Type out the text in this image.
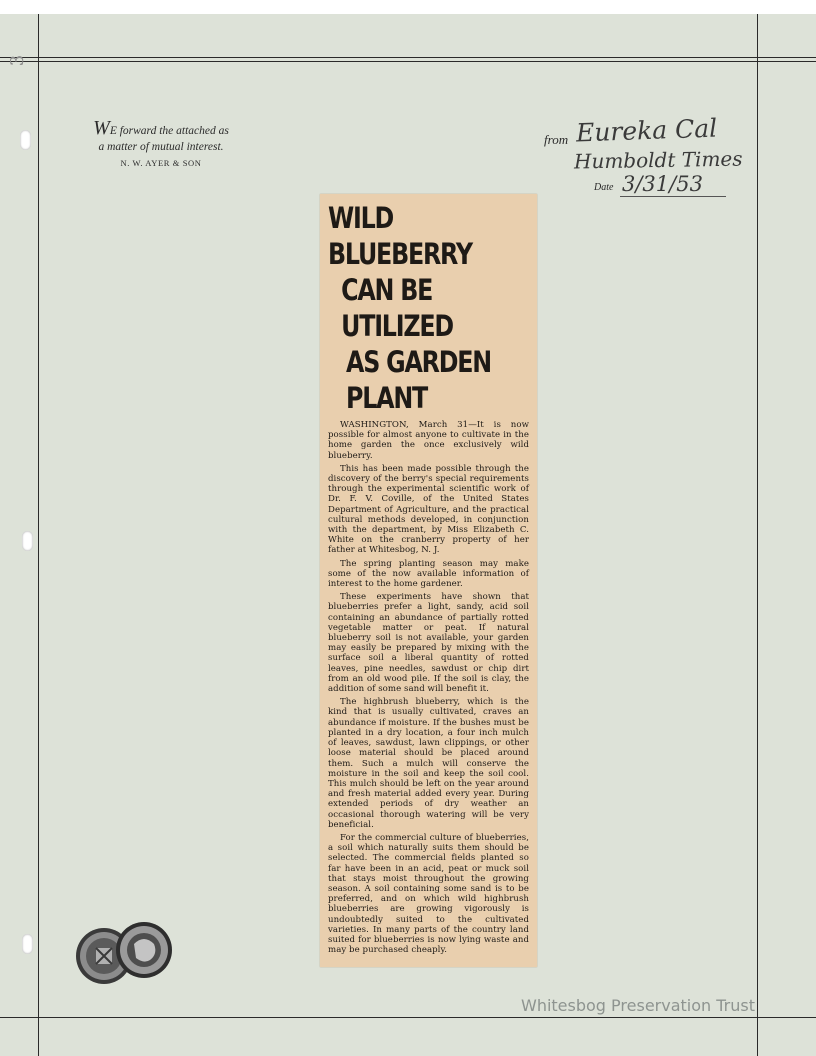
3
WE forward the attached as
a matter of mutual interest.
N. W. AYER & SON
from Eureka Cal
Humboldt Times
Date 3/31/53
WILD BLUEBERRY
CAN BE UTILIZED
AS GARDEN PLANT

WASHINGTON, March 31—It is now possible for almost anyone to cultivate in the home garden the once exclusively wild blueberry.

This has been made possible through the discovery of the berry's special requirements through the experimental scientific work of Dr. F. V. Coville, of the United States Department of Agriculture, and the practical cultural methods developed, in conjunction with the department, by Miss Elizabeth C. White on the cranberry property of her father at Whitesbog, N. J.

The spring planting season may make some of the now available information of interest to the home gardener.

These experiments have shown that blueberries prefer a light, sandy, acid soil containing an abundance of partially rotted vegetable matter or peat. If natural blueberry soil is not available, your garden may easily be prepared by mixing with the surface soil a liberal quantity of rotted leaves, pine needles, sawdust or chip dirt from an old wood pile. If the soil is clay, the addition of some sand will benefit it.

The highbrush blueberry, which is the kind that is usually cultivated, craves an abundance if moisture. If the bushes must be planted in a dry location, a four inch mulch of leaves, sawdust, lawn clippings, or other loose material should be placed around them. Such a mulch will conserve the moisture in the soil and keep the soil cool. This mulch should be left on the year around and fresh material added every year. During extended periods of dry weather an occasional thorough watering will be very beneficial.

For the commercial culture of blueberries, a soil which naturally suits them should be selected. The commercial fields planted so far have been in an acid, peat or muck soil that stays moist throughout the growing season. A soil containing some sand is to be preferred, and on which wild highbrush blueberries are growing vigorously is undoubtedly suited to the cultivated varieties. In many parts of the country land suited for blueberries is now lying waste and may be purchased cheaply.

Whitesbog Preservation Trust
